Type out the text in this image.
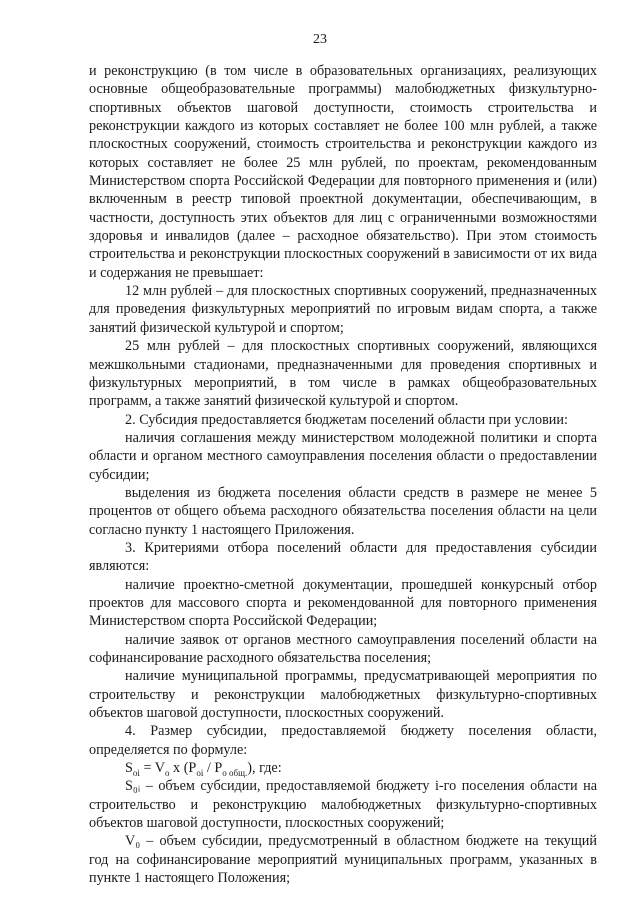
23

и реконструкцию (в том числе в образовательных организациях, реализующих основные общеобразовательные программы) малобюджетных физкультурно-спортивных объектов шаговой доступности, стоимость строительства и реконструкции каждого из которых составляет не более 100 млн рублей, а также плоскостных сооружений, стоимость строительства и реконструкции каждого из которых составляет не более 25 млн рублей, по проектам, рекомендованным Министерством спорта Российской Федерации для повторного применения и (или) включенным в реестр типовой проектной документации, обеспечивающим, в частности, доступность этих объектов для лиц с ограниченными возможностями здоровья и инвалидов (далее – расходное обязательство). При этом стоимость строительства и реконструкции плоскостных сооружений в зависимости от их вида и содержания не превышает:

12 млн рублей – для плоскостных спортивных сооружений, предназначенных для проведения физкультурных мероприятий по игровым видам спорта, а также занятий физической культурой и спортом;

25 млн рублей – для плоскостных спортивных сооружений, являющихся межшкольными стадионами, предназначенными для проведения спортивных и физкультурных мероприятий, в том числе в рамках общеобразовательных программ, а также занятий физической культурой и спортом.

2. Субсидия предоставляется бюджетам поселений области при условии:

наличия соглашения между министерством молодежной политики и спорта области и органом местного самоуправления поселения области о предоставлении субсидии;

выделения из бюджета поселения области средств в размере не менее 5 процентов от общего объема расходного обязательства поселения области на цели согласно пункту 1 настоящего Приложения.

3. Критериями отбора поселений области для предоставления субсидии являются:

наличие проектно-сметной документации, прошедшей конкурсный отбор проектов для массового спорта и рекомендованной для повторного применения Министерством спорта Российской Федерации;

наличие заявок от органов местного самоуправления поселений области на софинансирование расходного обязательства поселения;

наличие муниципальной программы, предусматривающей мероприятия по строительству и реконструкции малобюджетных физкультурно-спортивных объектов шаговой доступности, плоскостных сооружений.

4. Размер субсидии, предоставляемой бюджету поселения области, определяется по формуле:

$S_{oi} = V_o$ x $(P_{oi} / P_{o общ.})$, где:

S₀ᵢ – объем субсидии, предоставляемой бюджету i-го поселения области на строительство и реконструкцию малобюджетных физкультурно-спортивных объектов шаговой доступности, плоскостных сооружений;

V₀ – объем субсидии, предусмотренный в областном бюджете на текущий год на софинансирование мероприятий муниципальных программ, указанных в пункте 1 настоящего Положения;
